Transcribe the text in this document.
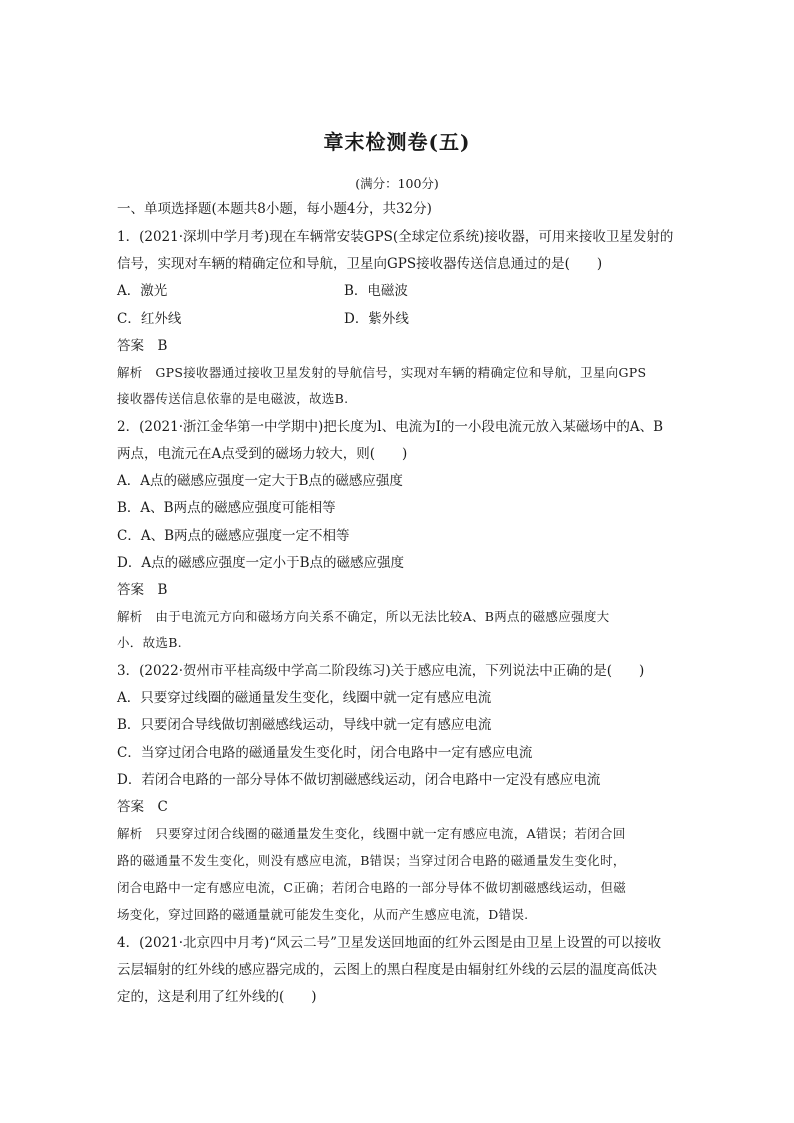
章末检测卷(五)
(满分：100分)
一、单项选择题(本题共8小题，每小题4分，共32分)
1．(2021·深圳中学月考)现在车辆常安装GPS(全球定位系统)接收器，可用来接收卫星发射的
信号，实现对车辆的精确定位和导航，卫星向GPS接收器传送信息通过的是(　　)
A．激光	B．电磁波
C．红外线	D．紫外线
答案　B
解析　GPS接收器通过接收卫星发射的导航信号，实现对车辆的精确定位和导航，卫星向GPS
接收器传送信息依靠的是电磁波，故选B.
2．(2021·浙江金华第一中学期中)把长度为l、电流为I的一小段电流元放入某磁场中的A、B
两点，电流元在A点受到的磁场力较大，则(　　)
A．A点的磁感应强度一定大于B点的磁感应强度
B．A、B两点的磁感应强度可能相等
C．A、B两点的磁感应强度一定不相等
D．A点的磁感应强度一定小于B点的磁感应强度
答案　B
解析　由于电流元方向和磁场方向关系不确定，所以无法比较A、B两点的磁感应强度大
小．故选B.
3．(2022·贺州市平桂高级中学高二阶段练习)关于感应电流，下列说法中正确的是(　　)
A．只要穿过线圈的磁通量发生变化，线圈中就一定有感应电流
B．只要闭合导线做切割磁感线运动，导线中就一定有感应电流
C．当穿过闭合电路的磁通量发生变化时，闭合电路中一定有感应电流
D．若闭合电路的一部分导体不做切割磁感线运动，闭合电路中一定没有感应电流
答案　C
解析　只要穿过闭合线圈的磁通量发生变化，线圈中就一定有感应电流，A错误；若闭合回
路的磁通量不发生变化，则没有感应电流，B错误；当穿过闭合电路的磁通量发生变化时，
闭合电路中一定有感应电流，C正确；若闭合电路的一部分导体不做切割磁感线运动，但磁
场变化，穿过回路的磁通量就可能发生变化，从而产生感应电流，D错误.
4．(2021·北京四中月考)“风云二号”卫星发送回地面的红外云图是由卫星上设置的可以接收
云层辐射的红外线的感应器完成的，云图上的黑白程度是由辐射红外线的云层的温度高低决
定的，这是利用了红外线的(　　)
